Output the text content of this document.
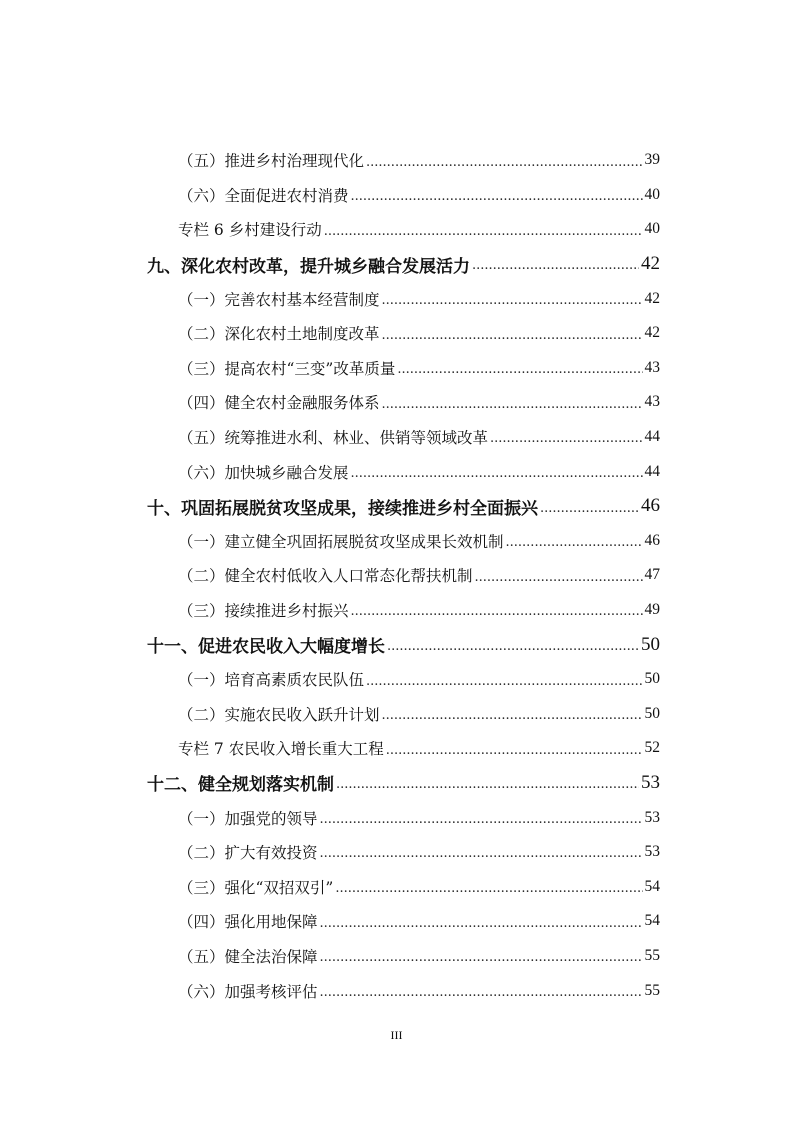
（五）推进乡村治理现代化 .....	39
（六）全面促进农村消费 .....	40
专栏 6 乡村建设行动 .....	40
九、深化农村改革，提升城乡融合发展活力 .....	42
（一）完善农村基本经营制度 .....	42
（二）深化农村土地制度改革 .....	42
（三）提高农村“三变”改革质量 .....	43
（四）健全农村金融服务体系 .....	43
（五）统筹推进水利、林业、供销等领域改革 .....	44
（六）加快城乡融合发展 .....	44
十、巩固拓展脱贫攻坚成果，接续推进乡村全面振兴 .....	46
（一）建立健全巩固拓展脱贫攻坚成果长效机制 .....	46
（二）健全农村低收入人口常态化帮扶机制 .....	47
（三）接续推进乡村振兴 .....	49
十一、促进农民收入大幅度增长 .....	50
（一）培育高素质农民队伍 .....	50
（二）实施农民收入跃升计划 .....	50
专栏 7 农民收入增长重大工程 .....	52
十二、健全规划落实机制 .....	53
（一）加强党的领导 .....	53
（二）扩大有效投资 .....	53
（三）强化“双招双引” .....	54
（四）强化用地保障 .....	54
（五）健全法治保障 .....	55
（六）加强考核评估 .....	55
III
